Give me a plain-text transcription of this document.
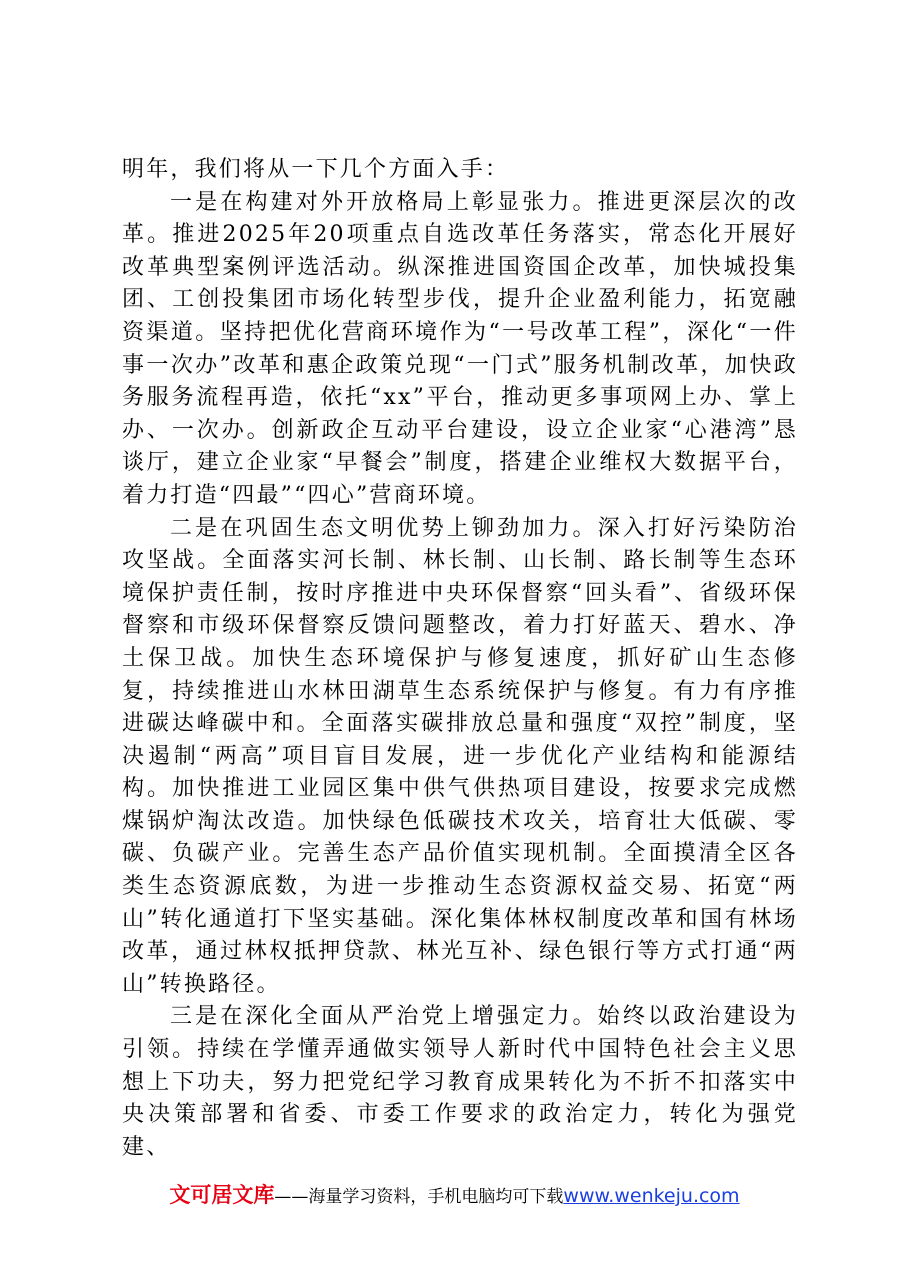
明年，我们将从一下几个方面入手：

一是在构建对外开放格局上彰显张力。推进更深层次的改革。推进2025年20项重点自选改革任务落实，常态化开展好改革典型案例评选活动。纵深推进国资国企改革，加快城投集团、工创投集团市场化转型步伐，提升企业盈利能力，拓宽融资渠道。坚持把优化营商环境作为“一号改革工程”，深化“一件事一次办”改革和惠企政策兑现“一门式”服务机制改革，加快政务服务流程再造，依托“xx”平台，推动更多事项网上办、掌上办、一次办。创新政企互动平台建设，设立企业家“心港湾”恳谈厅，建立企业家“早餐会”制度，搭建企业维权大数据平台，着力打造“四最”“四心”营商环境。

二是在巩固生态文明优势上铆劲加力。深入打好污染防治攻坚战。全面落实河长制、林长制、山长制、路长制等生态环境保护责任制，按时序推进中央环保督察“回头看”、省级环保督察和市级环保督察反馈问题整改，着力打好蓝天、碧水、净土保卫战。加快生态环境保护与修复速度，抓好矿山生态修复，持续推进山水林田湖草生态系统保护与修复。有力有序推进碳达峰碳中和。全面落实碳排放总量和强度“双控”制度，坚决遏制“两高”项目盲目发展，进一步优化产业结构和能源结构。加快推进工业园区集中供气供热项目建设，按要求完成燃煤锅炉淘汰改造。加快绿色低碳技术攻关，培育壮大低碳、零碳、负碳产业。完善生态产品价值实现机制。全面摸清全区各类生态资源底数，为进一步推动生态资源权益交易、拓宽“两山”转化通道打下坚实基础。深化集体林权制度改革和国有林场改革，通过林权抵押贷款、林光互补、绿色银行等方式打通“两山”转换路径。

三是在深化全面从严治党上增强定力。始终以政治建设为引领。持续在学懂弄通做实领导人新时代中国特色社会主义思想上下功夫，努力把党纪学习教育成果转化为不折不扣落实中央决策部署和省委、市委工作要求的政治定力，转化为强党建、

文可居文库——海量学习资料，手机电脑均可下载www.wenkeju.com
